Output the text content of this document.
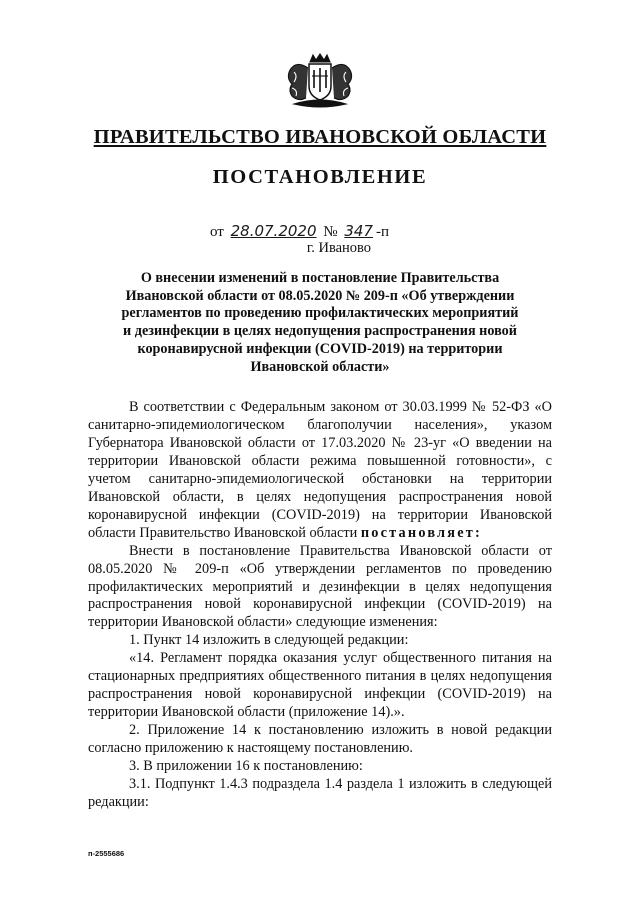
ПРАВИТЕЛЬСТВО ИВАНОВСКОЙ ОБЛАСТИ
ПОСТАНОВЛЕНИЕ
от 28.07.2020 № 347 -п
г. Иваново
О внесении изменений в постановление Правительства
Ивановской области от 08.05.2020 № 209-п «Об утверждении
регламентов по проведению профилактических мероприятий
и дезинфекции в целях недопущения распространения новой
коронавирусной инфекции (COVID-2019) на территории
Ивановской области»

В соответствии с Федеральным законом от 30.03.1999 № 52-ФЗ «О санитарно-эпидемиологическом благополучии населения», указом Губернатора Ивановской области от 17.03.2020 № 23-уг «О введении на территории Ивановской области режима повышенной готовности», с учетом санитарно-эпидемиологической обстановки на территории Ивановской области, в целях недопущения распространения новой коронавирусной инфекции (COVID-2019) на территории Ивановской области Правительство Ивановской области постановляет:

Внести в постановление Правительства Ивановской области от 08.05.2020 № 209-п «Об утверждении регламентов по проведению профилактических мероприятий и дезинфекции в целях недопущения распространения новой коронавирусной инфекции (COVID-2019) на территории Ивановской области» следующие изменения:

1. Пункт 14 изложить в следующей редакции:

«14. Регламент порядка оказания услуг общественного питания на стационарных предприятиях общественного питания в целях недопущения распространения новой коронавирусной инфекции (COVID-2019) на территории Ивановской области (приложение 14).».

2. Приложение 14 к постановлению изложить в новой редакции согласно приложению к настоящему постановлению.

3. В приложении 16 к постановлению:

3.1. Подпункт 1.4.3 подраздела 1.4 раздела 1 изложить в следующей редакции:

п-2555686
